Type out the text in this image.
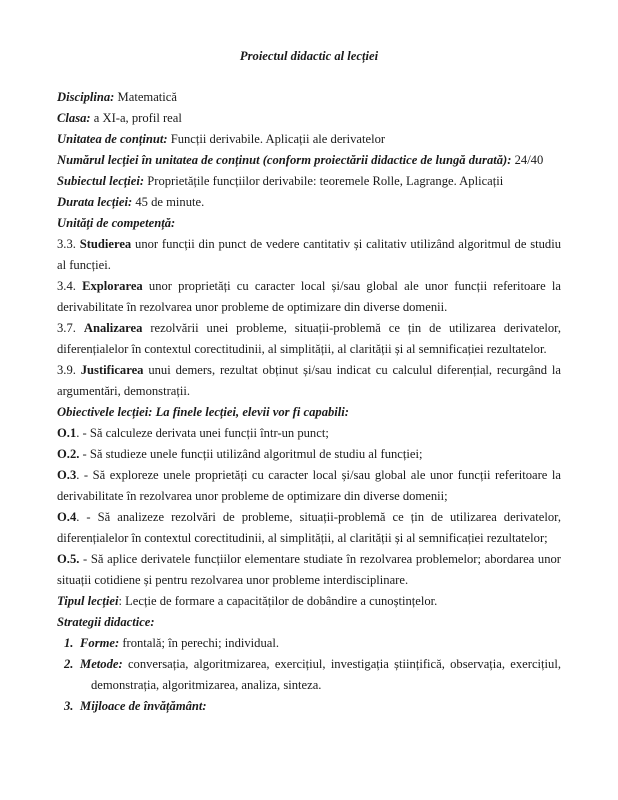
Proiectul didactic al lecției

Disciplina: Matematică

Clasa: a XI-a, profil real

Unitatea de conținut: Funcții derivabile. Aplicații ale derivatelor

Numărul lecției în unitatea de conținut (conform proiectării didactice de lungă durată): 24/40

Subiectul lecției: Proprietățile funcțiilor derivabile: teoremele Rolle, Lagrange. Aplicații

Durata lecției: 45 de minute.

Unități de competență:

3.3. Studierea unor funcții din punct de vedere cantitativ și calitativ utilizând algoritmul de studiu al funcției.

3.4. Explorarea unor proprietăți cu caracter local și/sau global ale unor funcții referitoare la derivabilitate în rezolvarea unor probleme de optimizare din diverse domenii.

3.7. Analizarea rezolvării unei probleme, situații-problemă ce țin de utilizarea derivatelor, diferențialelor în contextul corectitudinii, al simplității, al clarității și al semnificației rezultatelor.

3.9. Justificarea unui demers, rezultat obținut și/sau indicat cu calculul diferențial, recurgând la argumentări, demonstrații.

Obiectivele lecției: La finele lecției, elevii vor fi capabili:

O.1. - Să calculeze derivata unei funcții într-un punct;

O.2. - Să studieze unele funcții utilizând algoritmul de studiu al funcției;

O.3. - Să exploreze unele proprietăți cu caracter local și/sau global ale unor funcții referitoare la derivabilitate în rezolvarea unor probleme de optimizare din diverse domenii;

O.4. - Să analizeze rezolvări de probleme, situații-problemă ce țin de utilizarea derivatelor, diferențialelor în contextul corectitudinii, al simplității, al clarității și al semnificației rezultatelor;

O.5. - Să aplice derivatele funcțiilor elementare studiate în rezolvarea problemelor; abordarea unor situații cotidiene și pentru rezolvarea unor probleme interdisciplinare.

Tipul lecției: Lecție de formare a capacităților de dobândire a cunoștințelor.

Strategii didactice:

1. Forme: frontală; în perechi; individual.

2. Metode: conversația, algoritmizarea, exercițiul, investigația științifică, observația, exercițiul, demonstrația, algoritmizarea, analiza, sinteza.

3. Mijloace de învățământ:
